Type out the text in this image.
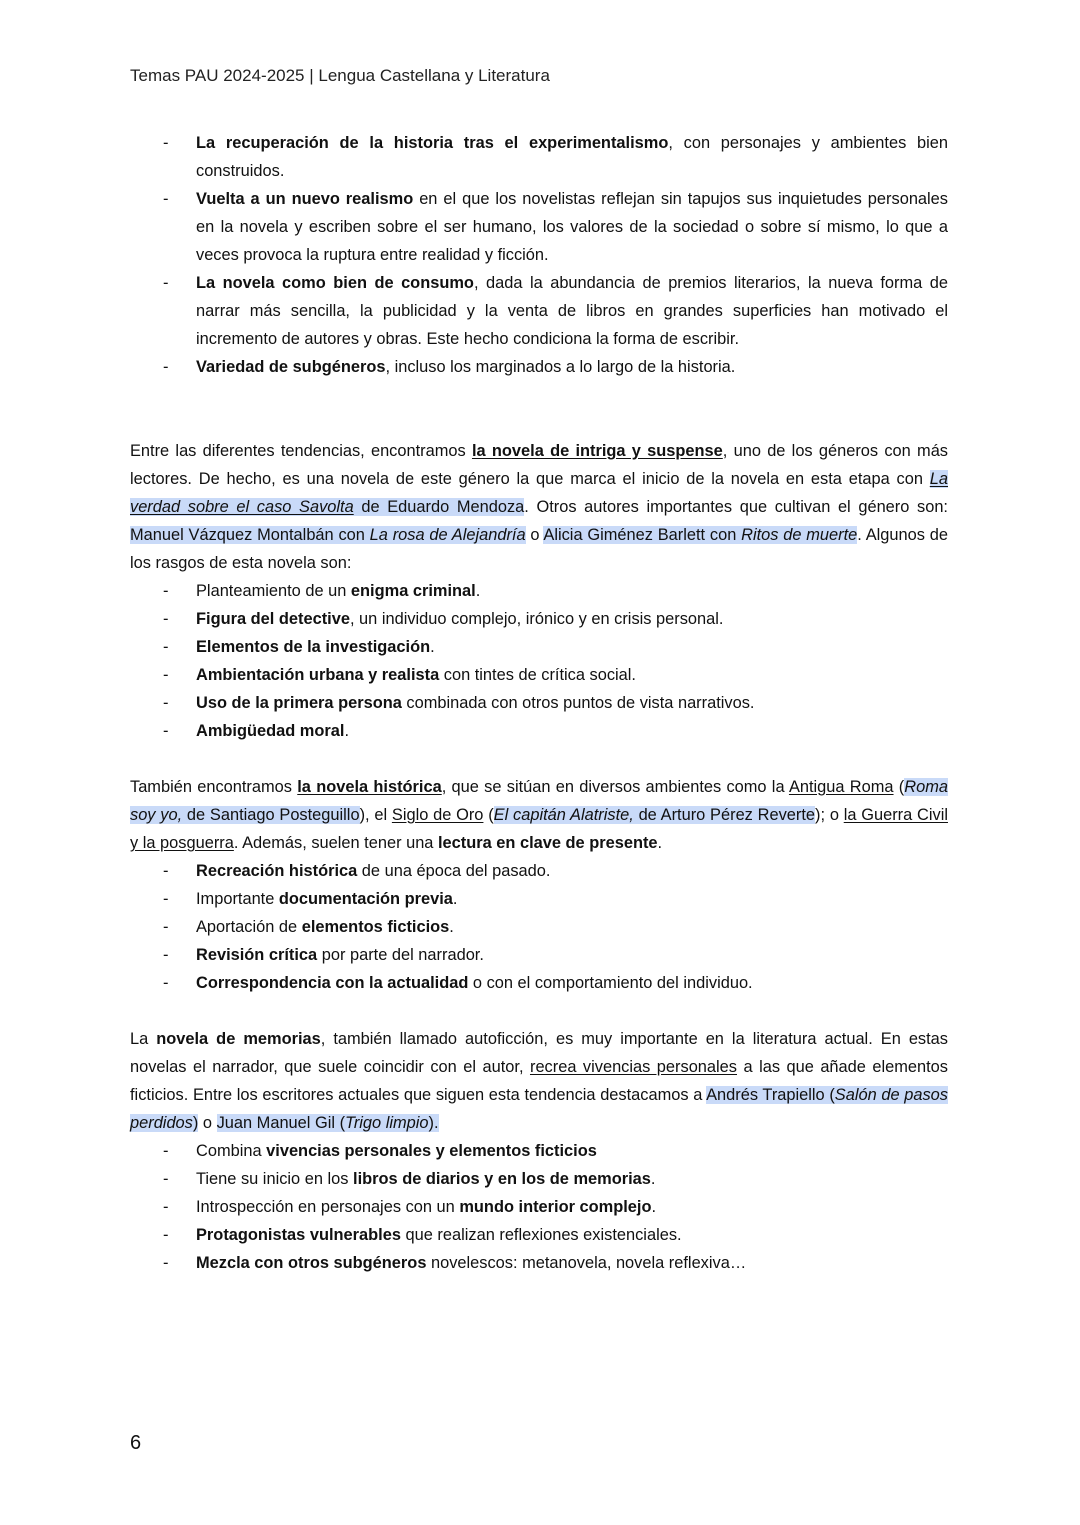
Temas PAU 2024-2025 | Lengua Castellana y Literatura
- La recuperación de la historia tras el experimentalismo, con personajes y ambientes bien construidos.
- Vuelta a un nuevo realismo en el que los novelistas reflejan sin tapujos sus inquietudes personales en la novela y escriben sobre el ser humano, los valores de la sociedad o sobre sí mismo, lo que a veces provoca la ruptura entre realidad y ficción.
- La novela como bien de consumo, dada la abundancia de premios literarios, la nueva forma de narrar más sencilla, la publicidad y la venta de libros en grandes superficies han motivado el incremento de autores y obras. Este hecho condiciona la forma de escribir.
- Variedad de subgéneros, incluso los marginados a lo largo de la historia.

Entre las diferentes tendencias, encontramos la novela de intriga y suspense, uno de los géneros con más lectores. De hecho, es una novela de este género la que marca el inicio de la novela en esta etapa con La verdad sobre el caso Savolta de Eduardo Mendoza. Otros autores importantes que cultivan el género son: Manuel Vázquez Montalbán con La rosa de Alejandría o Alicia Giménez Barlett con Ritos de muerte. Algunos de los rasgos de esta novela son:

- Planteamiento de un enigma criminal.
- Figura del detective, un individuo complejo, irónico y en crisis personal.
- Elementos de la investigación.
- Ambientación urbana y realista con tintes de crítica social.
- Uso de la primera persona combinada con otros puntos de vista narrativos.
- Ambigüedad moral.

También encontramos la novela histórica, que se sitúan en diversos ambientes como la Antigua Roma (Roma soy yo, de Santiago Posteguillo), el Siglo de Oro (El capitán Alatriste, de Arturo Pérez Reverte); o la Guerra Civil y la posguerra. Además, suelen tener una lectura en clave de presente.

- Recreación histórica de una época del pasado.
- Importante documentación previa.
- Aportación de elementos ficticios.
- Revisión crítica por parte del narrador.
- Correspondencia con la actualidad o con el comportamiento del individuo.

La novela de memorias, también llamado autoficción, es muy importante en la literatura actual. En estas novelas el narrador, que suele coincidir con el autor, recrea vivencias personales a las que añade elementos ficticios. Entre los escritores actuales que siguen esta tendencia destacamos a Andrés Trapiello (Salón de pasos perdidos) o Juan Manuel Gil (Trigo limpio).

- Combina vivencias personales y elementos ficticios
- Tiene su inicio en los libros de diarios y en los de memorias.
- Introspección en personajes con un mundo interior complejo.
- Protagonistas vulnerables que realizan reflexiones existenciales.
- Mezcla con otros subgéneros novelescos: metanovela, novela reflexiva…
6
